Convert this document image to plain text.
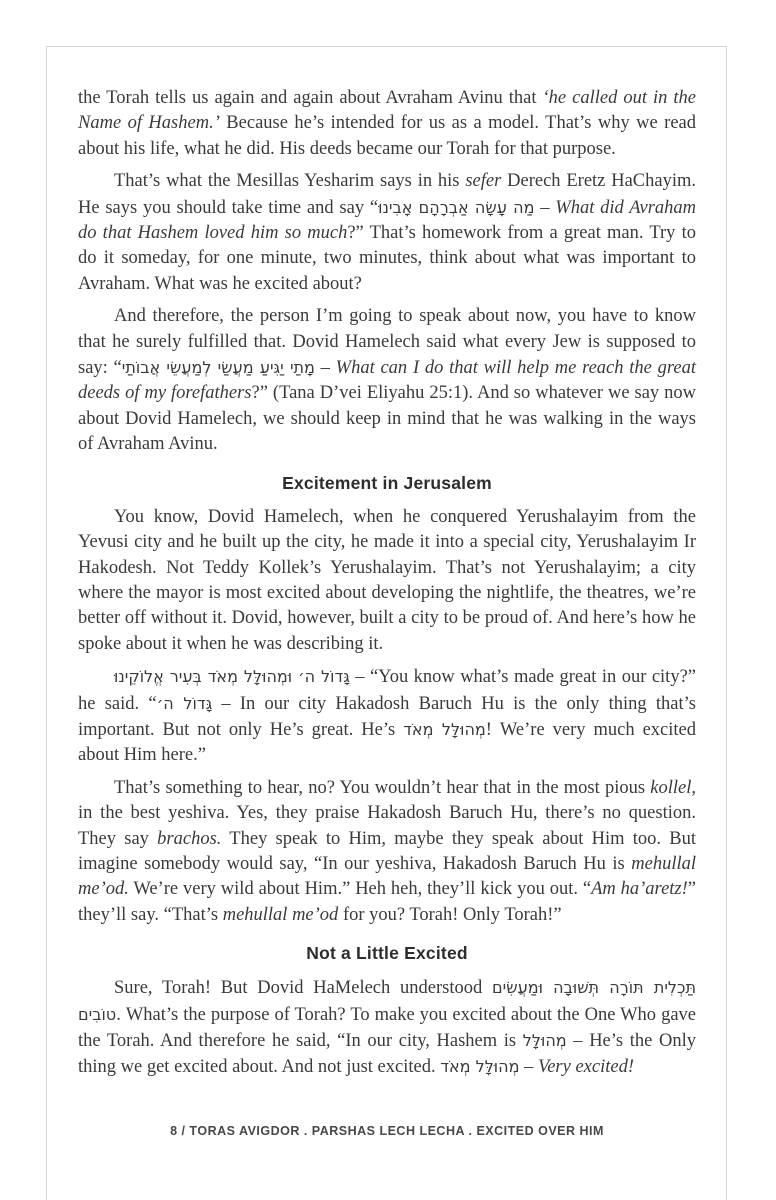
the Torah tells us again and again about Avraham Avinu that ‘he called out in the Name of Hashem.’ Because he’s intended for us as a model. That’s why we read about his life, what he did. His deeds became our Torah for that purpose.

That’s what the Mesillas Yesharim says in his sefer Derech Eretz HaChayim. He says you should take time and say “מַה עָשָׂה אַבְרָהָם אָבִינוּ – What did Avraham do that Hashem loved him so much?” That’s homework from a great man. Try to do it someday, for one minute, two minutes, think about what was important to Avraham. What was he excited about?

And therefore, the person I’m going to speak about now, you have to know that he surely fulfilled that. Dovid Hamelech said what every Jew is supposed to say: “מָתַי יַגִּיעַ מַעֲשַׂי לְמַעֲשֵׂי אֲבוֹתַי – What can I do that will help me reach the great deeds of my forefathers?” (Tana D’vei Eliyahu 25:1). And so whatever we say now about Dovid Hamelech, we should keep in mind that he was walking in the ways of Avraham Avinu.

Excitement in Jerusalem

You know, Dovid Hamelech, when he conquered Yerushalayim from the Yevusi city and he built up the city, he made it into a special city, Yerushalayim Ir Hakodesh. Not Teddy Kollek’s Yerushalayim. That’s not Yerushalayim; a city where the mayor is most excited about developing the nightlife, the theatres, we’re better off without it. Dovid, however, built a city to be proud of. And here’s how he spoke about it when he was describing it.

גָּדוֹל ה׳ וּמְהוּלָּל מְאֹד בְּעִיר אֱלוֹקֵינוּ – “You know what’s made great in our city?” he said. “גָּדוֹל ה׳ – In our city Hakadosh Baruch Hu is the only thing that’s important. But not only He’s great. He’s מְהוּלָּל מְאֹד! We’re very much excited about Him here.”

That’s something to hear, no? You wouldn’t hear that in the most pious kollel, in the best yeshiva. Yes, they praise Hakadosh Baruch Hu, there’s no question. They say brachos. They speak to Him, maybe they speak about Him too. But imagine somebody would say, “In our yeshiva, Hakadosh Baruch Hu is mehullal me’od. We’re very wild about Him.” Heh heh, they’ll kick you out. “Am ha’aretz!” they’ll say. “That’s mehullal me’od for you? Torah! Only Torah!”

Not a Little Excited

Sure, Torah! But Dovid HaMelech understood תַּכְלִית תּוֹרָה תְּשׁוּבָה וּמַעֲשִׂים טוֹבִים. What’s the purpose of Torah? To make you excited about the One Who gave the Torah. And therefore he said, “In our city, Hashem is מְהוּלָּל – He’s the Only thing we get excited about. And not just excited. מְהוּלָּל מְאֹד – Very excited!

8 / TORAS AVIGDOR . PARSHAS LECH LECHA . EXCITED OVER HIM
